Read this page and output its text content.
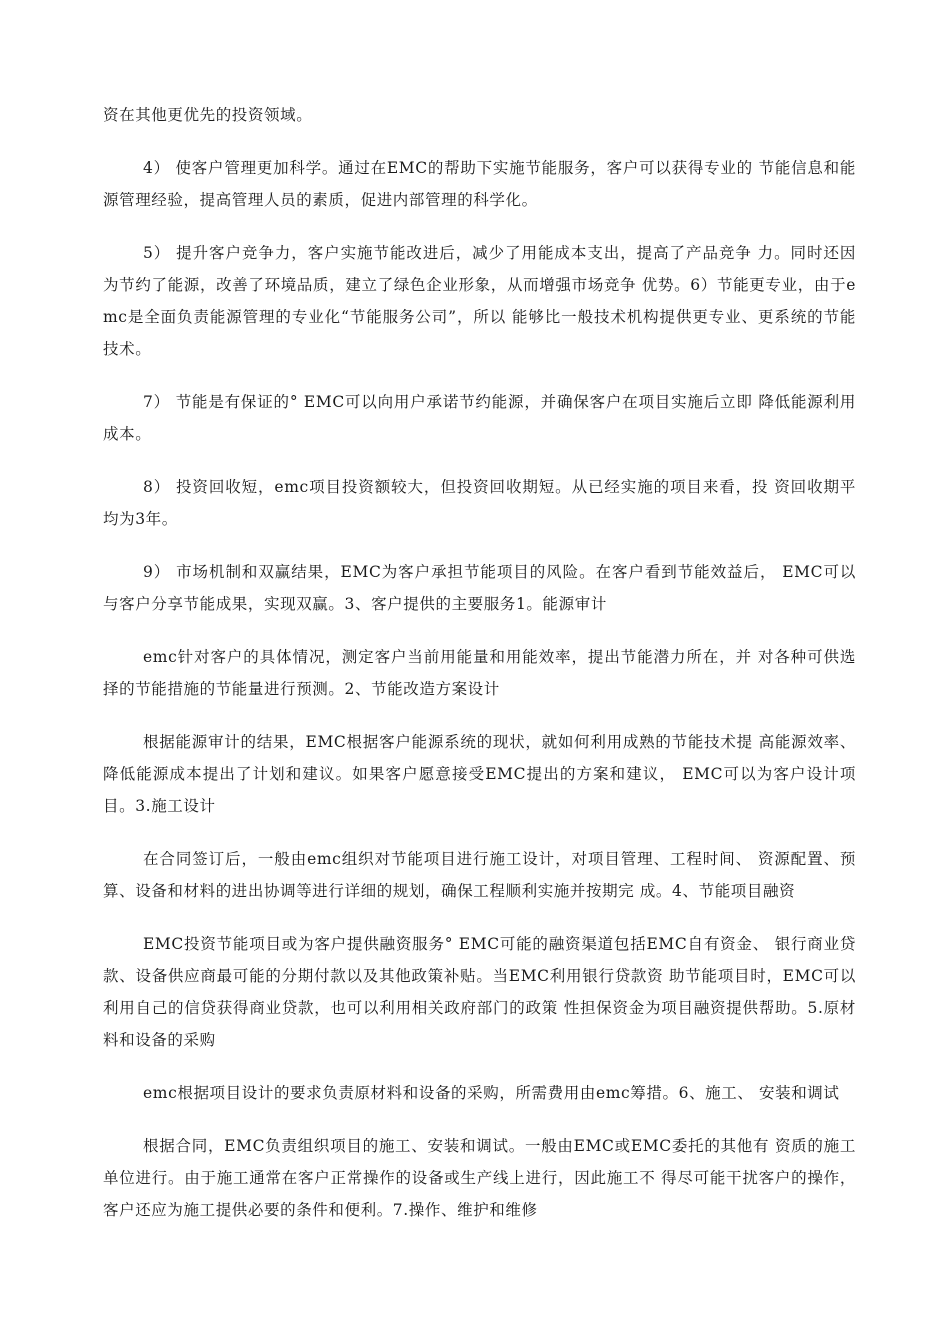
资在其他更优先的投资领域。

4） 使客户管理更加科学。通过在EMC的帮助下实施节能服务，客户可以获得专业的 节能信息和能源管理经验，提高管理人员的素质，促进内部管理的科学化。

5） 提升客户竞争力，客户实施节能改进后，减少了用能成本支出，提高了产品竞争 力。同时还因为节约了能源，改善了环境品质，建立了绿色企业形象，从而增强市场竞争 优势。6）节能更专业，由于emc是全面负责能源管理的专业化“节能服务公司”，所以 能够比一般技术机构提供更专业、更系统的节能技术。

7） 节能是有保证的° EMC可以向用户承诺节约能源，并确保客户在项目实施后立即 降低能源利用成本。

8） 投资回收短，emc项目投资额较大，但投资回收期短。从已经实施的项目来看，投 资回收期平均为3年。

9） 市场机制和双赢结果，EMC为客户承担节能项目的风险。在客户看到节能效益后， EMC可以与客户分享节能成果，实现双赢。3、客户提供的主要服务1。能源审计

emc针对客户的具体情况，测定客户当前用能量和用能效率，提出节能潜力所在，并 对各种可供选择的节能措施的节能量进行预测。2、节能改造方案设计

根据能源审计的结果，EMC根据客户能源系统的现状，就如何利用成熟的节能技术提 高能源效率、降低能源成本提出了计划和建议。如果客户愿意接受EMC提出的方案和建议， EMC可以为客户设计项目。3.施工设计

在合同签订后，一般由emc组织对节能项目进行施工设计，对项目管理、工程时间、 资源配置、预算、设备和材料的进出协调等进行详细的规划，确保工程顺利实施并按期完 成。4、节能项目融资

EMC投资节能项目或为客户提供融资服务° EMC可能的融资渠道包括EMC自有资金、 银行商业贷款、设备供应商最可能的分期付款以及其他政策补贴。当EMC利用银行贷款资 助节能项目时，EMC可以利用自己的信贷获得商业贷款，也可以利用相关政府部门的政策 性担保资金为项目融资提供帮助。5.原材料和设备的采购

emc根据项目设计的要求负责原材料和设备的采购，所需费用由emc筹措。6、施工、 安装和调试

根据合同，EMC负责组织项目的施工、安装和调试。一般由EMC或EMC委托的其他有 资质的施工单位进行。由于施工通常在客户正常操作的设备或生产线上进行，因此施工不 得尽可能干扰客户的操作，客户还应为施工提供必要的条件和便利。7.操作、维护和维修
